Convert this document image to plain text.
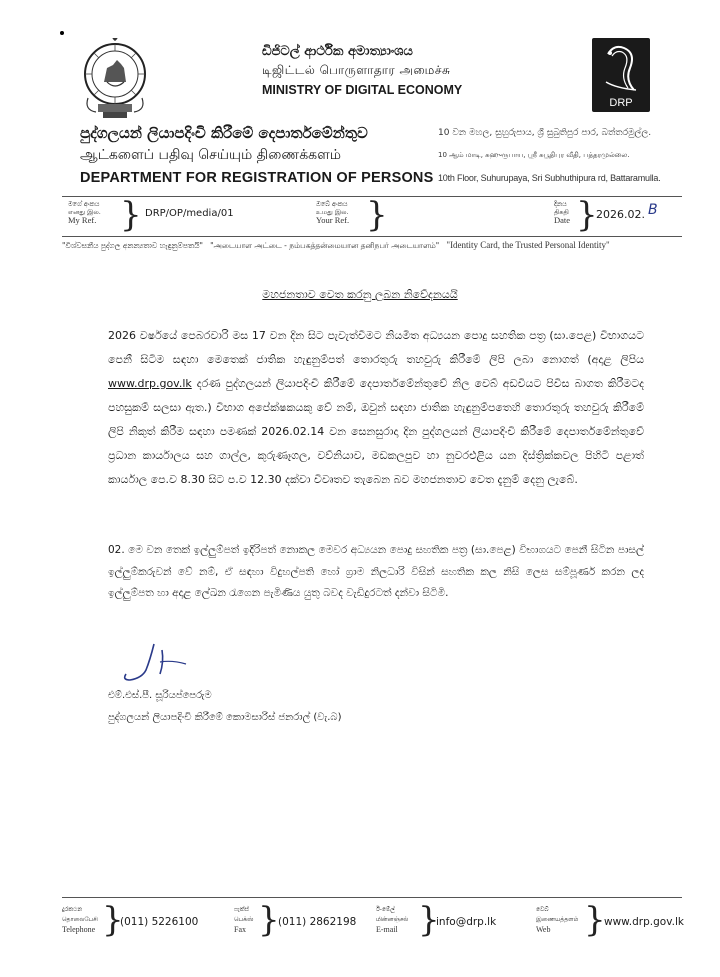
ඩිජිටල් ආර්ථික අමාත්‍යාංශය
டிஜிட்டல் பொருளாதார அமைச்சு
MINISTRY OF DIGITAL ECONOMY
DRP
පුද්ගලයන් ලියාපදිංචි කිරීමේ දෙපාර්තමේන්තුව
ஆட்களைப் பதிவு செய்யும் திணைக்களம்
DEPARTMENT FOR REGISTRATION OF PERSONS
10 වන මහල, සුහුරුපාය, ශ්‍රී සුබුතිපුර පාර, බත්තරමුල්ල.
10 ஆம் மாடி, சுஹுருபாய, ஸ்ரீ சுபூதிபுர வீதி, பத்தரமுல்லை.
10th Floor, Suhurupaya, Sri Subhuthipura rd, Battaramulla.
මගේ අංකය
எனது இல.
My Ref. } DRP/OP/media/01
ඔබේ අංකය
உமது இல.
Your Ref. }	දිනය
திகதி
Date }
2026.02. B
"විශ්වසනීය පුද්ගල අනන්‍යතාව හැඳුනුම්පතයි" "அடையாள அட்டை - நம்பகத்தன்மையான தனிநபர் அடையாளம்" "Identity Card, the Trusted Personal Identity"
මහජනතාව වෙත කරනු ලබන නිවේදනයයි
2026 වර්ෂයේ පෙබරවාරි මස 17 වන දින සිට පැවැත්වීමට නියමිත අධ්‍යයන පොදු සහතික පත්‍ර (සා.පෙළ) විභාගයට පෙනී සිටීම සඳහා මෙතෙක් ජාතික හැඳුනුම්පත් තොරතුරු තහවුරු කිරීමේ ලිපි ලබා නොගත් (අදාළ ලිපිය www.drp.gov.lk දරණ පුද්ගලයන් ලියාපදිංචි කිරීමේ දෙපාර්තමේන්තුවේ නිල වෙබ් අඩවියට පිවිස බාගත කිරීමටද පහසුකම් සලසා ඇත.) විභාග අපේක්ෂකයකු වේ නම්, ඔවුන් සඳහා ජාතික හැඳුනුම්පතෙහි තොරතුරු තහවුරු කිරීමේ ලිපි නිකුත් කිරීම සඳහා පමණක් 2026.02.14 වන සෙනසුරාදා දින පුද්ගලයන් ලියාපදිංචි කිරීමේ දෙපාර්තමේන්තුවේ ප්‍රධාන කාර්යාලය සහ ගාල්ල, කුරුණෑගල, වව්නියාව, මඩකලපුව හා නුවරඑළිය යන දිස්ත්‍රික්කවල පිහිටි පළාත් කාර්යාල පෙ.ව 8.30 සිට ප.ව 12.30 දක්වා විවෘතව තැබෙන බව මහජනතාව වෙත දැනුම් දෙනු ලැබේ.
02. මෙ වන තෙක් ඉල්ලුම්පත් ඉදිරිපත් නොකල මෙවර අධ්‍යයන පොදු සහතික පත්‍ර (සා.පෙළ) විභාගයට පෙනී සිටින පාසල් ඉල්ලුම්කරුවන් වේ නම්, ඒ සඳහා විදුහල්පති හෝ ග්‍රාම නිලධාරි විසින් සහතික කල නිසි ලෙස සම්පූර්ණ කරන ලද ඉල්ලුම්පත හා අදාළ ලේඛන රැගෙන පැමිණිය යුතු බවද වැඩිදුරටත් දන්වා සිටිමි.
එම්.එස්.පී. සූරියප්පෙරුම
පුද්ගලයන් ලියාපදිංචි කිරීමේ කොමසාරිස් ජනරාල් (වැ.බ)
දුරකථන
தொலைபேசி
Telephone }
(011) 5226100
ෆැක්ස්
பெக்ஸ்
Fax }
(011) 2862198
ඊ-මේල්
மின்னஞ்சல்
E-mail }
info@drp.lk
වෙබ්
இணையத்தளம்
Web }
www.drp.gov.lk
